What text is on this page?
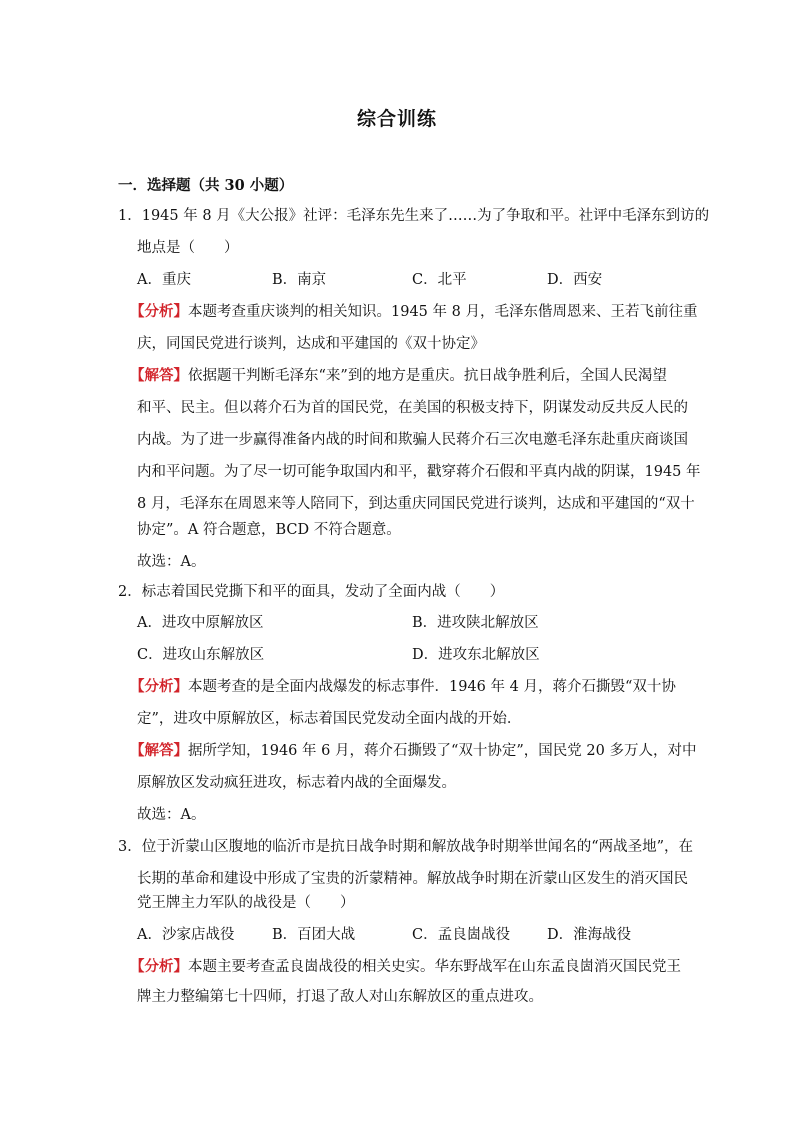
综合训练
一．选择题（共 30 小题）
1．1945 年 8 月《大公报》社评：毛泽东先生来了……为了争取和平。社评中毛泽东到访的
地点是（　　）
A．重庆	B．南京	C．北平	D．西安
【分析】本题考查重庆谈判的相关知识。1945 年 8 月，毛泽东偕周恩来、王若飞前往重
庆，同国民党进行谈判，达成和平建国的《双十协定》
【解答】依据题干判断毛泽东“来”到的地方是重庆。抗日战争胜利后，全国人民渴望
和平、民主。但以蒋介石为首的国民党，在美国的积极支持下，阴谋发动反共反人民的
内战。为了进一步赢得准备内战的时间和欺骗人民蒋介石三次电邀毛泽东赴重庆商谈国
内和平问题。为了尽一切可能争取国内和平，戳穿蒋介石假和平真内战的阴谋，1945 年
8 月，毛泽东在周恩来等人陪同下，到达重庆同国民党进行谈判，达成和平建国的“双十
协定”。A 符合题意，BCD 不符合题意。
故选：A。
2．标志着国民党撕下和平的面具，发动了全面内战（　　）
A．进攻中原解放区	B．进攻陕北解放区
C．进攻山东解放区	D．进攻东北解放区
【分析】本题考查的是全面内战爆发的标志事件．1946 年 4 月，蒋介石撕毁“双十协
定”，进攻中原解放区，标志着国民党发动全面内战的开始．
【解答】据所学知，1946 年 6 月，蒋介石撕毁了“双十协定”，国民党 20 多万人，对中
原解放区发动疯狂进攻，标志着内战的全面爆发。
故选：A。
3．位于沂蒙山区腹地的临沂市是抗日战争时期和解放战争时期举世闻名的“两战圣地”，在
长期的革命和建设中形成了宝贵的沂蒙精神。解放战争时期在沂蒙山区发生的消灭国民
党王牌主力军队的战役是（　　）
A．沙家店战役	B．百团大战	C．孟良崮战役	D．淮海战役
【分析】本题主要考查孟良崮战役的相关史实。华东野战军在山东孟良崮消灭国民党王
牌主力整编第七十四师，打退了敌人对山东解放区的重点进攻。
